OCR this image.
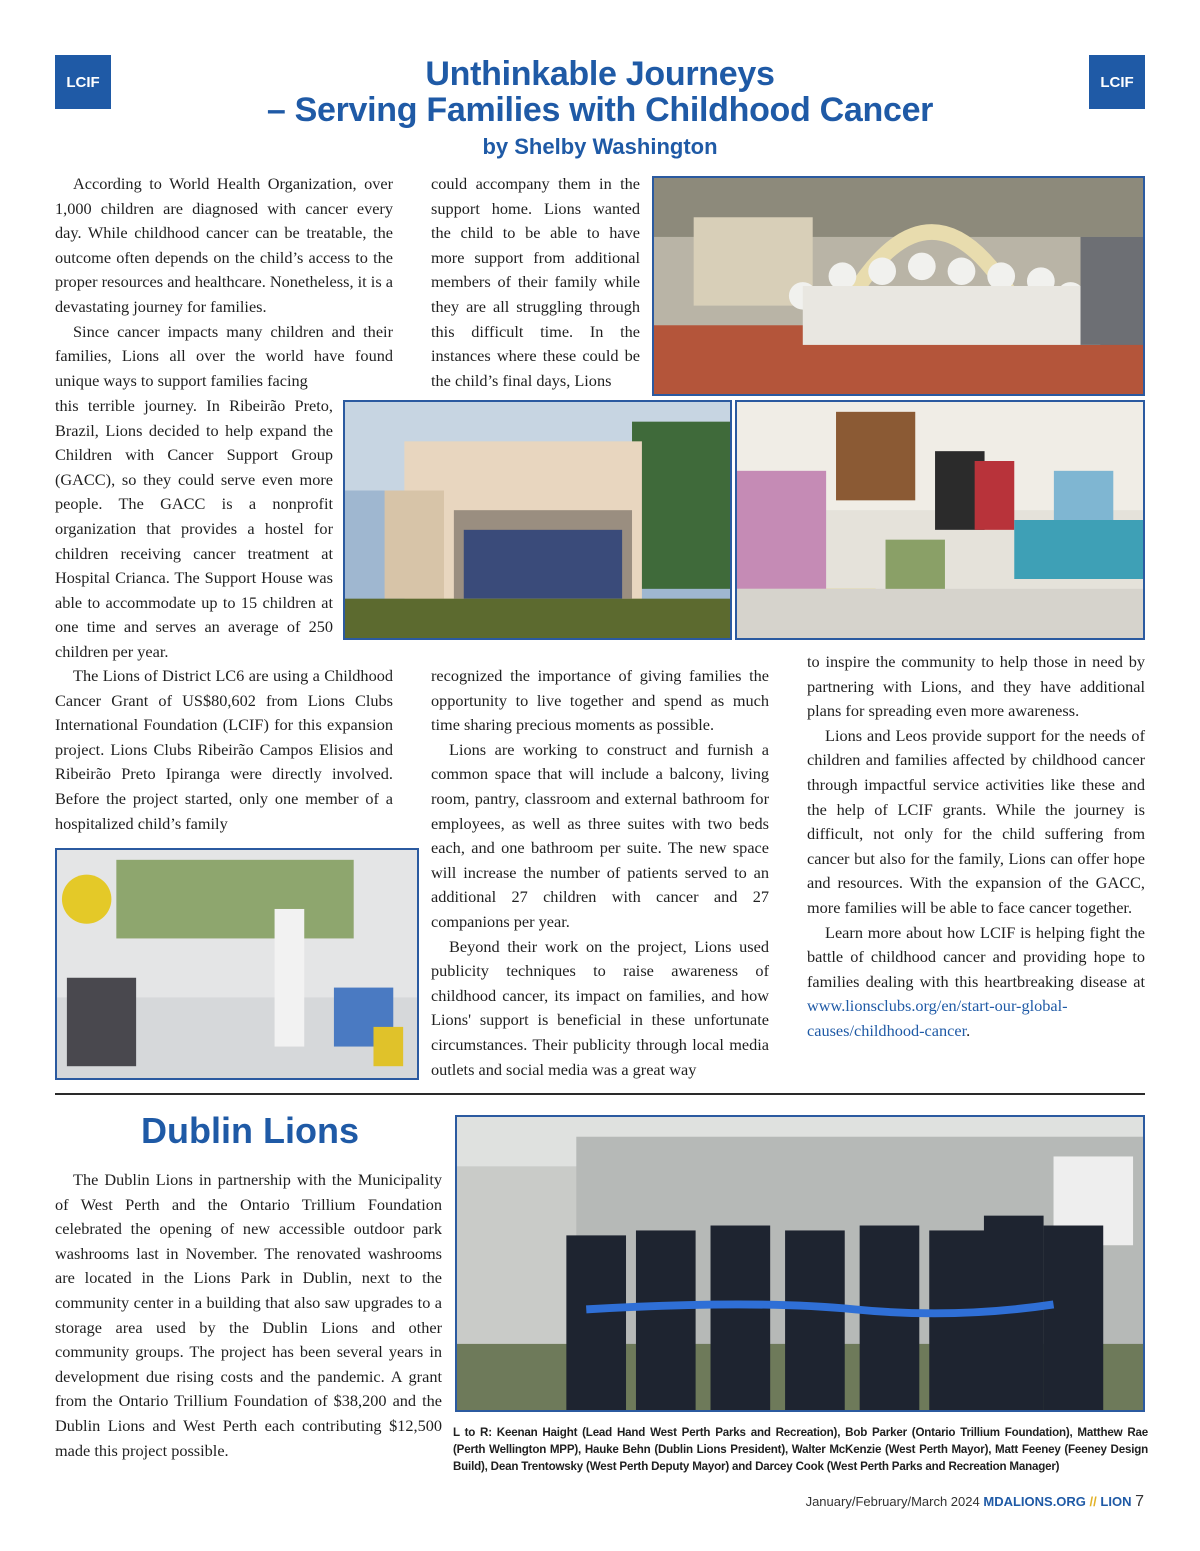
LCIF	LCIF
Unthinkable Journeys
– Serving Families with Childhood Cancer
by Shelby Washington

According to World Health Organization, over 1,000 children are diagnosed with cancer every day. While childhood cancer can be treatable, the outcome often depends on the child’s access to the proper resources and healthcare. Nonetheless, it is a devastating journey for families.

Since cancer impacts many children and their families, Lions all over the world have found unique ways to support families facing

this terrible journey. In Ribeirão Preto, Brazil, Lions decided to help expand the Children with Cancer Support Group (GACC), so they could serve even more people. The GACC is a nonprofit organization that provides a hostel for children receiving cancer treatment at Hospital Crianca. The Support House was able to accommodate up to 15 children at one time and serves an average of 250 children per year.

The Lions of District LC6 are using a Childhood Cancer Grant of US$80,602 from Lions Clubs International Foundation (LCIF) for this expansion project. Lions Clubs Ribeirão Campos Elisios and Ribeirão Preto Ipiranga were directly involved. Before the project started, only one member of a hospitalized child’s family

could accompany them in the support home. Lions wanted the child to be able to have more support from additional members of their family while they are all struggling through this difficult time. In the instances where these could be the child’s final days, Lions

recognized the importance of giving families the opportunity to live together and spend as much time sharing precious moments as possible.

Lions are working to construct and furnish a common space that will include a balcony, living room, pantry, classroom and external bathroom for employees, as well as three suites with two beds each, and one bathroom per suite. The new space will increase the number of patients served to an additional 27 children with cancer and 27 companions per year.

Beyond their work on the project, Lions used publicity techniques to raise awareness of childhood cancer, its impact on families, and how Lions' support is beneficial in these unfortunate circumstances. Their publicity through local media outlets and social media was a great way

to inspire the community to help those in need by partnering with Lions, and they have additional plans for spreading even more awareness.

Lions and Leos provide support for the needs of children and families affected by childhood cancer through impactful service activities like these and the help of LCIF grants. While the journey is difficult, not only for the child suffering from cancer but also for the family, Lions can offer hope and resources. With the expansion of the GACC, more families will be able to face cancer together.

Learn more about how LCIF is helping fight the battle of childhood cancer and providing hope to families dealing with this heartbreaking disease at www.lionsclubs.org/en/start-our-global-causes/childhood-cancer.

Dublin Lions

The Dublin Lions in partnership with the Municipality of West Perth and the Ontario Trillium Foundation celebrated the opening of new accessible outdoor park washrooms last in November. The renovated washrooms are located in the Lions Park in Dublin, next to the community center in a building that also saw upgrades to a storage area used by the Dublin Lions and other community groups. The project has been several years in development due rising costs and the pandemic. A grant from the Ontario Trillium Foundation of $38,200 and the Dublin Lions and West Perth each contributing $12,500 made this project possible.

L to R: Keenan Haight (Lead Hand West Perth Parks and Recreation), Bob Parker (Ontario Trillium Foundation), Matthew Rae (Perth Wellington MPP), Hauke Behn (Dublin Lions President), Walter McKenzie (West Perth Mayor), Matt Feeney (Feeney Design Build), Dean Trentowsky (West Perth Deputy Mayor) and Darcey Cook (West Perth Parks and Recreation Manager)
January/February/March 2024 MDALIONS.ORG // LION 7
